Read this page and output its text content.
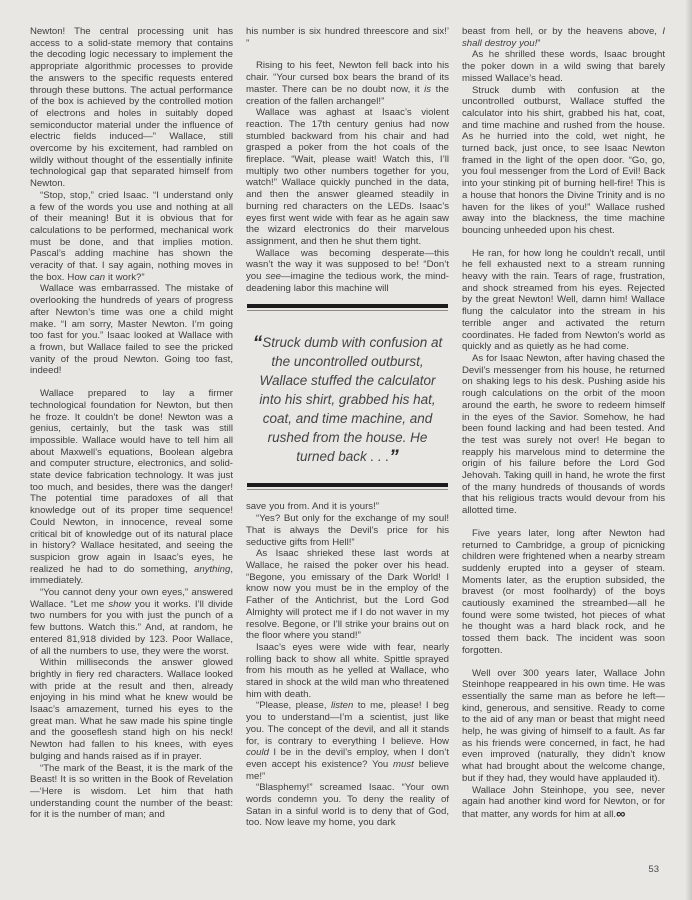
Newton! The central processing unit has access to a solid-state memory that contains the decoding logic necessary to implement the appropriate algorithmic processes to provide the answers to the specific requests entered through these buttons. The actual performance of the box is achieved by the controlled motion of electrons and holes in suitably doped semiconductor material under the influence of electric fields induced—” Wallace, still overcome by his excitement, had rambled on wildly without thought of the essentially infinite technological gap that separated himself from Newton.

“Stop, stop,” cried Isaac. “I understand only a few of the words you use and nothing at all of their meaning! But it is obvious that for calculations to be performed, mechanical work must be done, and that implies motion. Pascal’s adding machine has shown the veracity of that. I say again, nothing moves in the box. How can it work?”

Wallace was embarrassed. The mistake of overlooking the hundreds of years of progress after Newton’s time was one a child might make. “I am sorry, Master Newton. I’m going too fast for you.” Isaac looked at Wallace with a frown, but Wallace failed to see the pricked vanity of the proud Newton. Going too fast, indeed!

Wallace prepared to lay a firmer technological foundation for Newton, but then he froze. It couldn’t be done! Newton was a genius, certainly, but the task was still impossible. Wallace would have to tell him all about Maxwell’s equations, Boolean algebra and computer structure, electronics, and solid-state device fabrication technology. It was just too much, and besides, there was the danger! The potential time paradoxes of all that knowledge out of its proper time sequence! Could Newton, in innocence, reveal some critical bit of knowledge out of its natural place in history? Wallace hesitated, and seeing the suspicion grow again in Isaac’s eyes, he realized he had to do something, anything, immediately.

“You cannot deny your own eyes,” answered Wallace. “Let me show you it works. I’ll divide two numbers for you with just the punch of a few buttons. Watch this.” And, at random, he entered 81,918 divided by 123. Poor Wallace, of all the numbers to use, they were the worst.

Within milliseconds the answer glowed brightly in fiery red characters. Wallace looked with pride at the result and then, already enjoying in his mind what he knew would be Isaac’s amazement, turned his eyes to the great man. What he saw made his spine tingle and the gooseflesh stand high on his neck! Newton had fallen to his knees, with eyes bulging and hands raised as if in prayer.

“The mark of the Beast, it is the mark of the Beast! It is so written in the Book of Revelation—‘Here is wisdom. Let him that hath understanding count the number of the beast: for it is the number of man; and

his number is six hundred threescore and six!’ ”

Rising to his feet, Newton fell back into his chair. “Your cursed box bears the brand of its master. There can be no doubt now, it is the creation of the fallen archangel!”

Wallace was aghast at Isaac’s violent reaction. The 17th century genius had now stumbled backward from his chair and had grasped a poker from the hot coals of the fireplace. “Wait, please wait! Watch this, I’ll multiply two other numbers together for you, watch!” Wallace quickly punched in the data, and then the answer gleamed steadily in burning red characters on the LEDs. Isaac’s eyes first went wide with fear as he again saw the wizard electronics do their marvelous assignment, and then he shut them tight.

Wallace was becoming desperate—this wasn’t the way it was supposed to be! “Don’t you see—imagine the tedious work, the mind-deadening labor this machine will

“Struck dumb with confusion at the uncontrolled outburst, Wallace stuffed the calculator into his shirt, grabbed his hat, coat, and time machine, and rushed from the house. He turned back . . .”

save you from. And it is yours!”

“Yes? But only for the exchange of my soul! That is always the Devil’s price for his seductive gifts from Hell!”

As Isaac shrieked these last words at Wallace, he raised the poker over his head. “Begone, you emissary of the Dark World! I know now you must be in the employ of the Father of the Antichrist, but the Lord God Almighty will protect me if I do not waver in my resolve. Begone, or I’ll strike your brains out on the floor where you stand!”

Isaac’s eyes were wide with fear, nearly rolling back to show all white. Spittle sprayed from his mouth as he yelled at Wallace, who stared in shock at the wild man who threatened him with death.

“Please, please, listen to me, please! I beg you to understand—I’m a scientist, just like you. The concept of the devil, and all it stands for, is contrary to everything I believe. How could I be in the devil’s employ, when I don’t even accept his existence? You must believe me!”

“Blasphemy!” screamed Isaac. “Your own words condemn you. To deny the reality of Satan in a sinful world is to deny that of God, too. Now leave my home, you dark

beast from hell, or by the heavens above, I shall destroy you!”

As he shrilled these words, Isaac brought the poker down in a wild swing that barely missed Wallace’s head.

Struck dumb with confusion at the uncontrolled outburst, Wallace stuffed the calculator into his shirt, grabbed his hat, coat, and time machine and rushed from the house. As he hurried into the cold, wet night, he turned back, just once, to see Isaac Newton framed in the light of the open door. “Go, go, you foul messenger from the Lord of Evil! Back into your stinking pit of burning hell-fire! This is a house that honors the Divine Trinity and is no haven for the likes of you!” Wallace rushed away into the blackness, the time machine bouncing unheeded upon his chest.

He ran, for how long he couldn’t recall, until he fell exhausted next to a stream running heavy with the rain. Tears of rage, frustration, and shock streamed from his eyes. Rejected by the great Newton! Well, damn him! Wallace flung the calculator into the stream in his terrible anger and activated the return coordinates. He faded from Newton’s world as quickly and as quietly as he had come.

As for Isaac Newton, after having chased the Devil’s messenger from his house, he returned on shaking legs to his desk. Pushing aside his rough calculations on the orbit of the moon around the earth, he swore to redeem himself in the eyes of the Savior. Somehow, he had been found lacking and had been tested. And the test was surely not over! He began to reapply his marvelous mind to determine the origin of his failure before the Lord God Jehovah. Taking quill in hand, he wrote the first of the many hundreds of thousands of words that his religious tracts would devour from his allotted time.

Five years later, long after Newton had returned to Cambridge, a group of picnicking children were frightened when a nearby stream suddenly erupted into a geyser of steam. Moments later, as the eruption subsided, the bravest (or most foolhardy) of the boys cautiously examined the streambed—all he found were some twisted, hot pieces of what he thought was a hard black rock, and he tossed them back. The incident was soon forgotten.

Well over 300 years later, Wallace John Steinhope reappeared in his own time. He was essentially the same man as before he left—kind, generous, and sensitive. Ready to come to the aid of any man or beast that might need help, he was giving of himself to a fault. As far as his friends were concerned, in fact, he had even improved (naturally, they didn’t know what had brought about the welcome change, but if they had, they would have applauded it).

Wallace John Steinhope, you see, never again had another kind word for Newton, or for that matter, any words for him at all.∞

53
